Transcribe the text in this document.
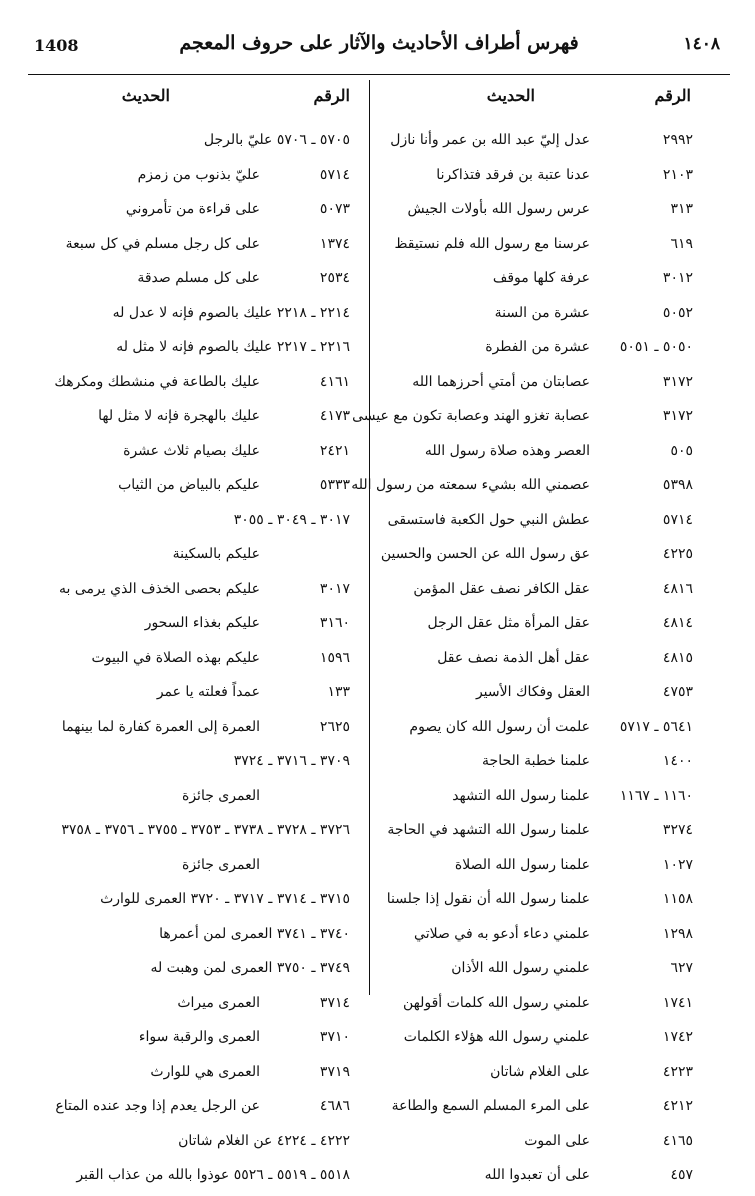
1408	فهرس أطراف الأحاديث والآثار على حروف المعجم	١٤٠٨
الرقم
الحديث
٢٩٩٢
عدل إليّ عبد الله بن عمر وأنا نازل
٢١٠٣
عدنا عتبة بن فرقد فتذاكرنا
٣١٣
عرس رسول الله بأولات الجيش
٦١٩
عرسنا مع رسول الله فلم نستيقظ
٣٠١٢
عرفة كلها موقف
٥٠٥٢
عشرة من السنة
٥٠٥٠ ـ ٥٠٥١
عشرة من الفطرة
٣١٧٢
عصابتان من أمتي أحرزهما الله
٣١٧٢
عصابة تغزو الهند وعصابة تكون مع عيسى
٥٠٥
العصر وهذه صلاة رسول الله
٥٣٩٨
عصمني الله بشيء سمعته من رسول الله
٥٧١٤
عطش النبي حول الكعبة فاستسقى
٤٢٢٥
عق رسول الله عن الحسن والحسين
٤٨١٦
عقل الكافر نصف عقل المؤمن
٤٨١٤
عقل المرأة مثل عقل الرجل
٤٨١٥
عقل أهل الذمة نصف عقل
٤٧٥٣
العقل وفكاك الأسير
٥٦٤١ ـ ٥٧١٧
علمت أن رسول الله كان يصوم
١٤٠٠
علمنا خطبة الحاجة
١١٦٠ ـ ١١٦٧
علمنا رسول الله التشهد
٣٢٧٤
علمنا رسول الله التشهد في الحاجة
١٠٢٧
علمنا رسول الله الصلاة
١١٥٨
علمنا رسول الله أن نقول إذا جلسنا
١٢٩٨
علمني دعاء أدعو به في صلاتي
٦٢٧
علمني رسول الله الأذان
١٧٤١
علمني رسول الله كلمات أقولهن
١٧٤٢
علمني رسول الله هؤلاء الكلمات
٤٢٢٣
على الغلام شاتان
٤٢١٢
على المرء المسلم السمع والطاعة
٤١٦٥
على الموت
٤٥٧
على أن تعبدوا الله
الرقم
الحديث
٥٧٠٥ ـ ٥٧٠٦ عليّ بالرجل
٥٧١٤
عليّ بذنوب من زمزم
٥٠٧٣
على قراءة من تأمروني
١٣٧٤
على كل رجل مسلم في كل سبعة
٢٥٣٤
على كل مسلم صدقة
٢٢١٤ ـ ٢٢١٨ عليك بالصوم فإنه لا عدل له
٢٢١٦ ـ ٢٢١٧ عليك بالصوم فإنه لا مثل له
٤١٦١
عليك بالطاعة في منشطك ومكرهك
٤١٧٣
عليك بالهجرة فإنه لا مثل لها
٢٤٢١
عليك بصيام ثلاث عشرة
٥٣٣٣
عليكم بالبياض من الثياب
٣٠١٧ ـ ٣٠٤٩ ـ ٣٠٥٥
عليكم بالسكينة
٣٠١٧
عليكم بحصى الخذف الذي يرمى به
٣١٦٠
عليكم بغذاء السحور
١٥٩٦
عليكم بهذه الصلاة في البيوت
١٣٣
عمداً فعلته يا عمر
٢٦٢٥
العمرة إلى العمرة كفارة لما بينهما
٣٧٠٩ ـ ٣٧١٦ ـ ٣٧٢٤
العمرى جائزة
٣٧٢٦ ـ ٣٧٢٨ ـ ٣٧٣٨ ـ ٣٧٥٣ ـ ٣٧٥٥ ـ ٣٧٥٦ ـ ٣٧٥٨
العمرى جائزة
٣٧١٥ ـ ٣٧١٤ ـ ٣٧١٧ ـ ٣٧٢٠ العمرى للوارث
٣٧٤٠ ـ ٣٧٤١ العمرى لمن أعمرها
٣٧٤٩ ـ ٣٧٥٠ العمرى لمن وهبت له
٣٧١٤
العمرى ميراث
٣٧١٠
العمرى والرقبة سواء
٣٧١٩
العمرى هي للوارث
٤٦٨٦
عن الرجل يعدم إذا وجد عنده المتاع
٤٢٢٢ ـ ٤٢٢٤ عن الغلام شاتان
٥٥١٨ ـ ٥٥١٩ ـ ٥٥٢٦ عوذوا بالله من عذاب القبر
